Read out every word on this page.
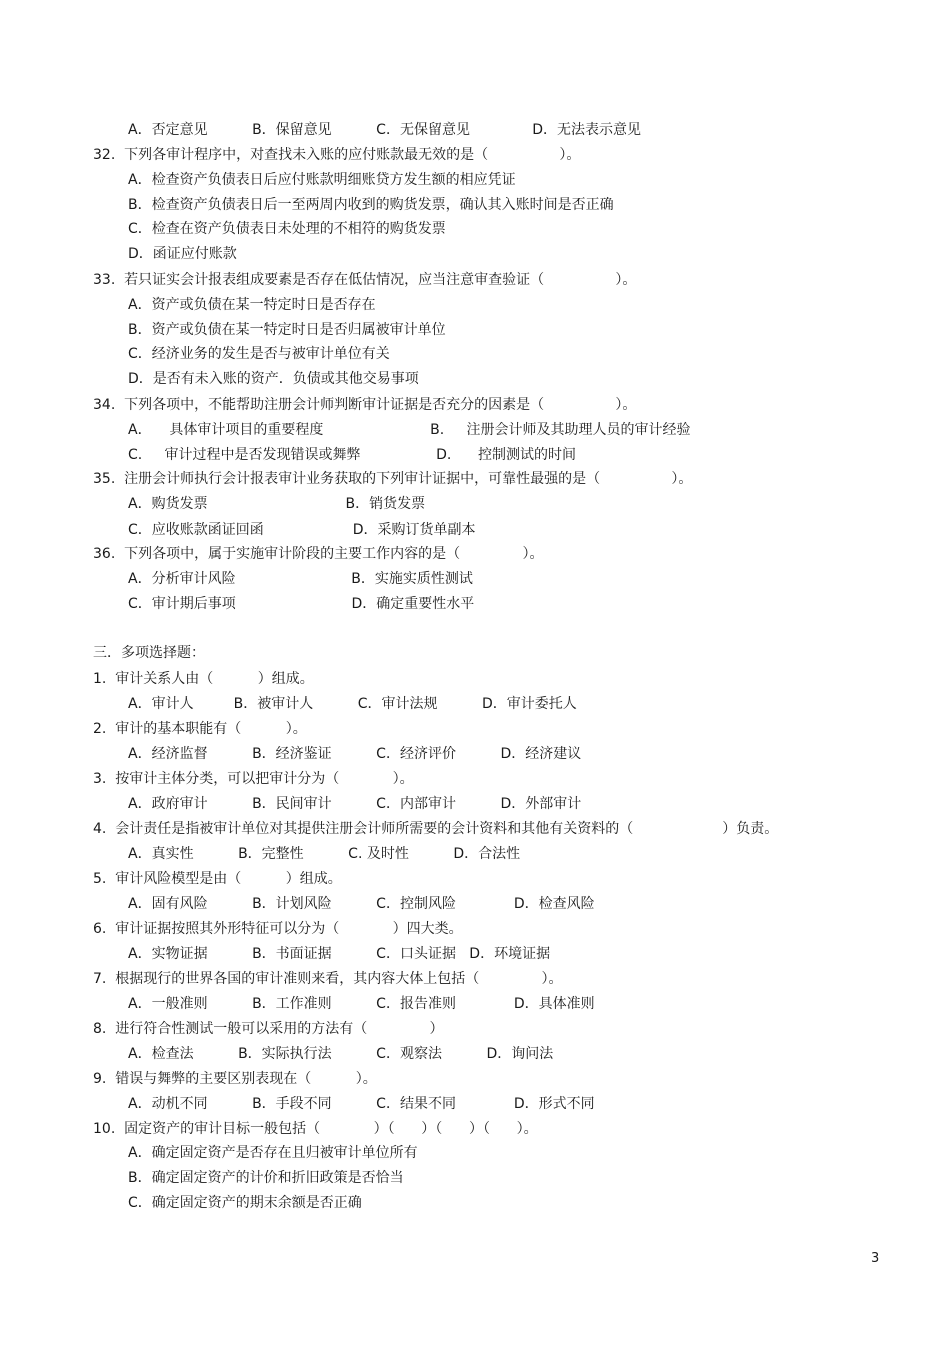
A．否定意见          B．保留意见          C．无保留意见              D．无法表示意见
32.  下列各审计程序中，对查找未入账的应付账款最无效的是（                ）。
A．检查资产负债表日后应付账款明细账贷方发生额的相应凭证
B．检查资产负债表日后一至两周内收到的购货发票，确认其入账时间是否正确
C．检查在资产负债表日未处理的不相符的购货发票
D．函证应付账款
33.  若只证实会计报表组成要素是否存在低估情况，应当注意审查验证（                ）。
A．资产或负债在某一特定时日是否存在
B．资产或负债在某一特定时日是否归属被审计单位
C．经济业务的发生是否与被审计单位有关
D．是否有未入账的资产．负债或其他交易事项
34.  下列各项中，不能帮助注册会计师判断审计证据是否充分的因素是（                ）。
A．    具体审计项目的重要程度                        B.     注册会计师及其助理人员的审计经验
C.     审计过程中是否发现错误或舞弊                 D.      控制测试的时间
35.  注册会计师执行会计报表审计业务获取的下列审计证据中，可靠性最强的是（                ）。
A．购货发票                               B．销货发票
C．应收账款函证回函                    D．采购订货单副本
36.  下列各项中，属于实施审计阶段的主要工作内容的是（              ）。
A．分析审计风险                          B．实施实质性测试
C．审计期后事项                          D．确定重要性水平
三．多项选择题：
1.  审计关系人由（          ）组成。
A．审计人         B．被审计人          C．审计法规          D．审计委托人
2.  审计的基本职能有（          ）。
A．经济监督          B．经济鉴证          C．经济评价          D．经济建议
3.  按审计主体分类，可以把审计分为（            ）。
A．政府审计          B．民间审计          C．内部审计          D．外部审计
4.  会计责任是指被审计单位对其提供注册会计师所需要的会计资料和其他有关资料的（                    ）负责。
A．真实性          B．完整性          C. 及时性          D．合法性
5.  审计风险模型是由（          ）组成。
A．固有风险          B．计划风险          C．控制风险             D．检查风险
6.  审计证据按照其外形特征可以分为（            ）四大类。
A．实物证据          B．书面证据          C．口头证据   D．环境证据
7.  根据现行的世界各国的审计准则来看，其内容大体上包括（              ）。
A．一般准则          B．工作准则          C．报告准则             D．具体准则
8.  进行符合性测试一般可以采用的方法有（              ）
A．检查法          B．实际执行法          C．观察法          D．询问法
9.  错误与舞弊的主要区别表现在（          ）。
A．动机不同          B．手段不同          C．结果不同             D．形式不同
10.  固定资产的审计目标一般包括（            ）（      ）（      ）（      ）。
A．确定固定资产是否存在且归被审计单位所有
B．确定固定资产的计价和折旧政策是否恰当
C．确定固定资产的期末余额是否正确
3
